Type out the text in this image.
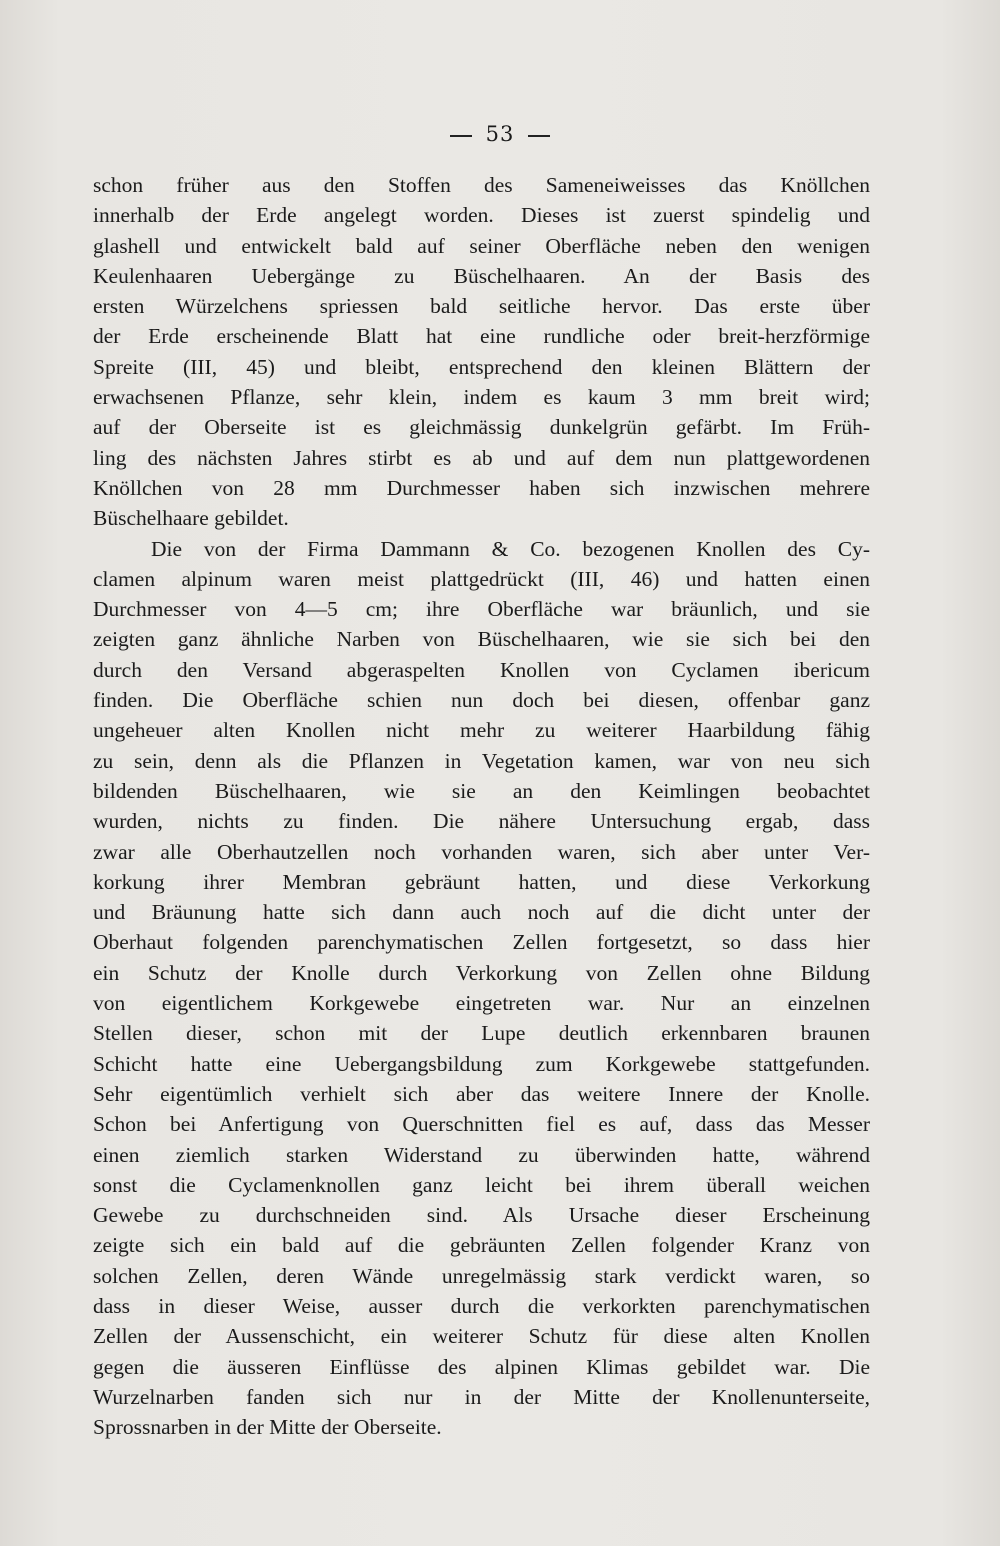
53
schon früher aus den Stoffen des Sameneiweisses das Knöllchen
innerhalb der Erde angelegt worden. Dieses ist zuerst spindelig und
glashell und entwickelt bald auf seiner Oberfläche neben den wenigen
Keulenhaaren Uebergänge zu Büschelhaaren. An der Basis des
ersten Würzelchens spriessen bald seitliche hervor. Das erste über
der Erde erscheinende Blatt hat eine rundliche oder breit-herzförmige
Spreite (III, 45) und bleibt, entsprechend den kleinen Blättern der
erwachsenen Pflanze, sehr klein, indem es kaum 3 mm breit wird;
auf der Oberseite ist es gleichmässig dunkelgrün gefärbt. Im Früh-
ling des nächsten Jahres stirbt es ab und auf dem nun plattgewordenen
Knöllchen von 28 mm Durchmesser haben sich inzwischen mehrere
Büschelhaare gebildet.
Die von der Firma Dammann & Co. bezogenen Knollen des Cy-
clamen alpinum waren meist plattgedrückt (III, 46) und hatten einen
Durchmesser von 4—5 cm; ihre Oberfläche war bräunlich, und sie
zeigten ganz ähnliche Narben von Büschelhaaren, wie sie sich bei den
durch den Versand abgeraspelten Knollen von Cyclamen ibericum
finden. Die Oberfläche schien nun doch bei diesen, offenbar ganz
ungeheuer alten Knollen nicht mehr zu weiterer Haarbildung fähig
zu sein, denn als die Pflanzen in Vegetation kamen, war von neu sich
bildenden Büschelhaaren, wie sie an den Keimlingen beobachtet
wurden, nichts zu finden. Die nähere Untersuchung ergab, dass
zwar alle Oberhautzellen noch vorhanden waren, sich aber unter Ver-
korkung ihrer Membran gebräunt hatten, und diese Verkorkung
und Bräunung hatte sich dann auch noch auf die dicht unter der
Oberhaut folgenden parenchymatischen Zellen fortgesetzt, so dass hier
ein Schutz der Knolle durch Verkorkung von Zellen ohne Bildung
von eigentlichem Korkgewebe eingetreten war. Nur an einzelnen
Stellen dieser, schon mit der Lupe deutlich erkennbaren braunen
Schicht hatte eine Uebergangsbildung zum Korkgewebe stattgefunden.
Sehr eigentümlich verhielt sich aber das weitere Innere der Knolle.
Schon bei Anfertigung von Querschnitten fiel es auf, dass das Messer
einen ziemlich starken Widerstand zu überwinden hatte, während
sonst die Cyclamenknollen ganz leicht bei ihrem überall weichen
Gewebe zu durchschneiden sind. Als Ursache dieser Erscheinung
zeigte sich ein bald auf die gebräunten Zellen folgender Kranz von
solchen Zellen, deren Wände unregelmässig stark verdickt waren, so
dass in dieser Weise, ausser durch die verkorkten parenchymatischen
Zellen der Aussenschicht, ein weiterer Schutz für diese alten Knollen
gegen die äusseren Einflüsse des alpinen Klimas gebildet war. Die
Wurzelnarben fanden sich nur in der Mitte der Knollenunterseite,
Sprossnarben in der Mitte der Oberseite.
